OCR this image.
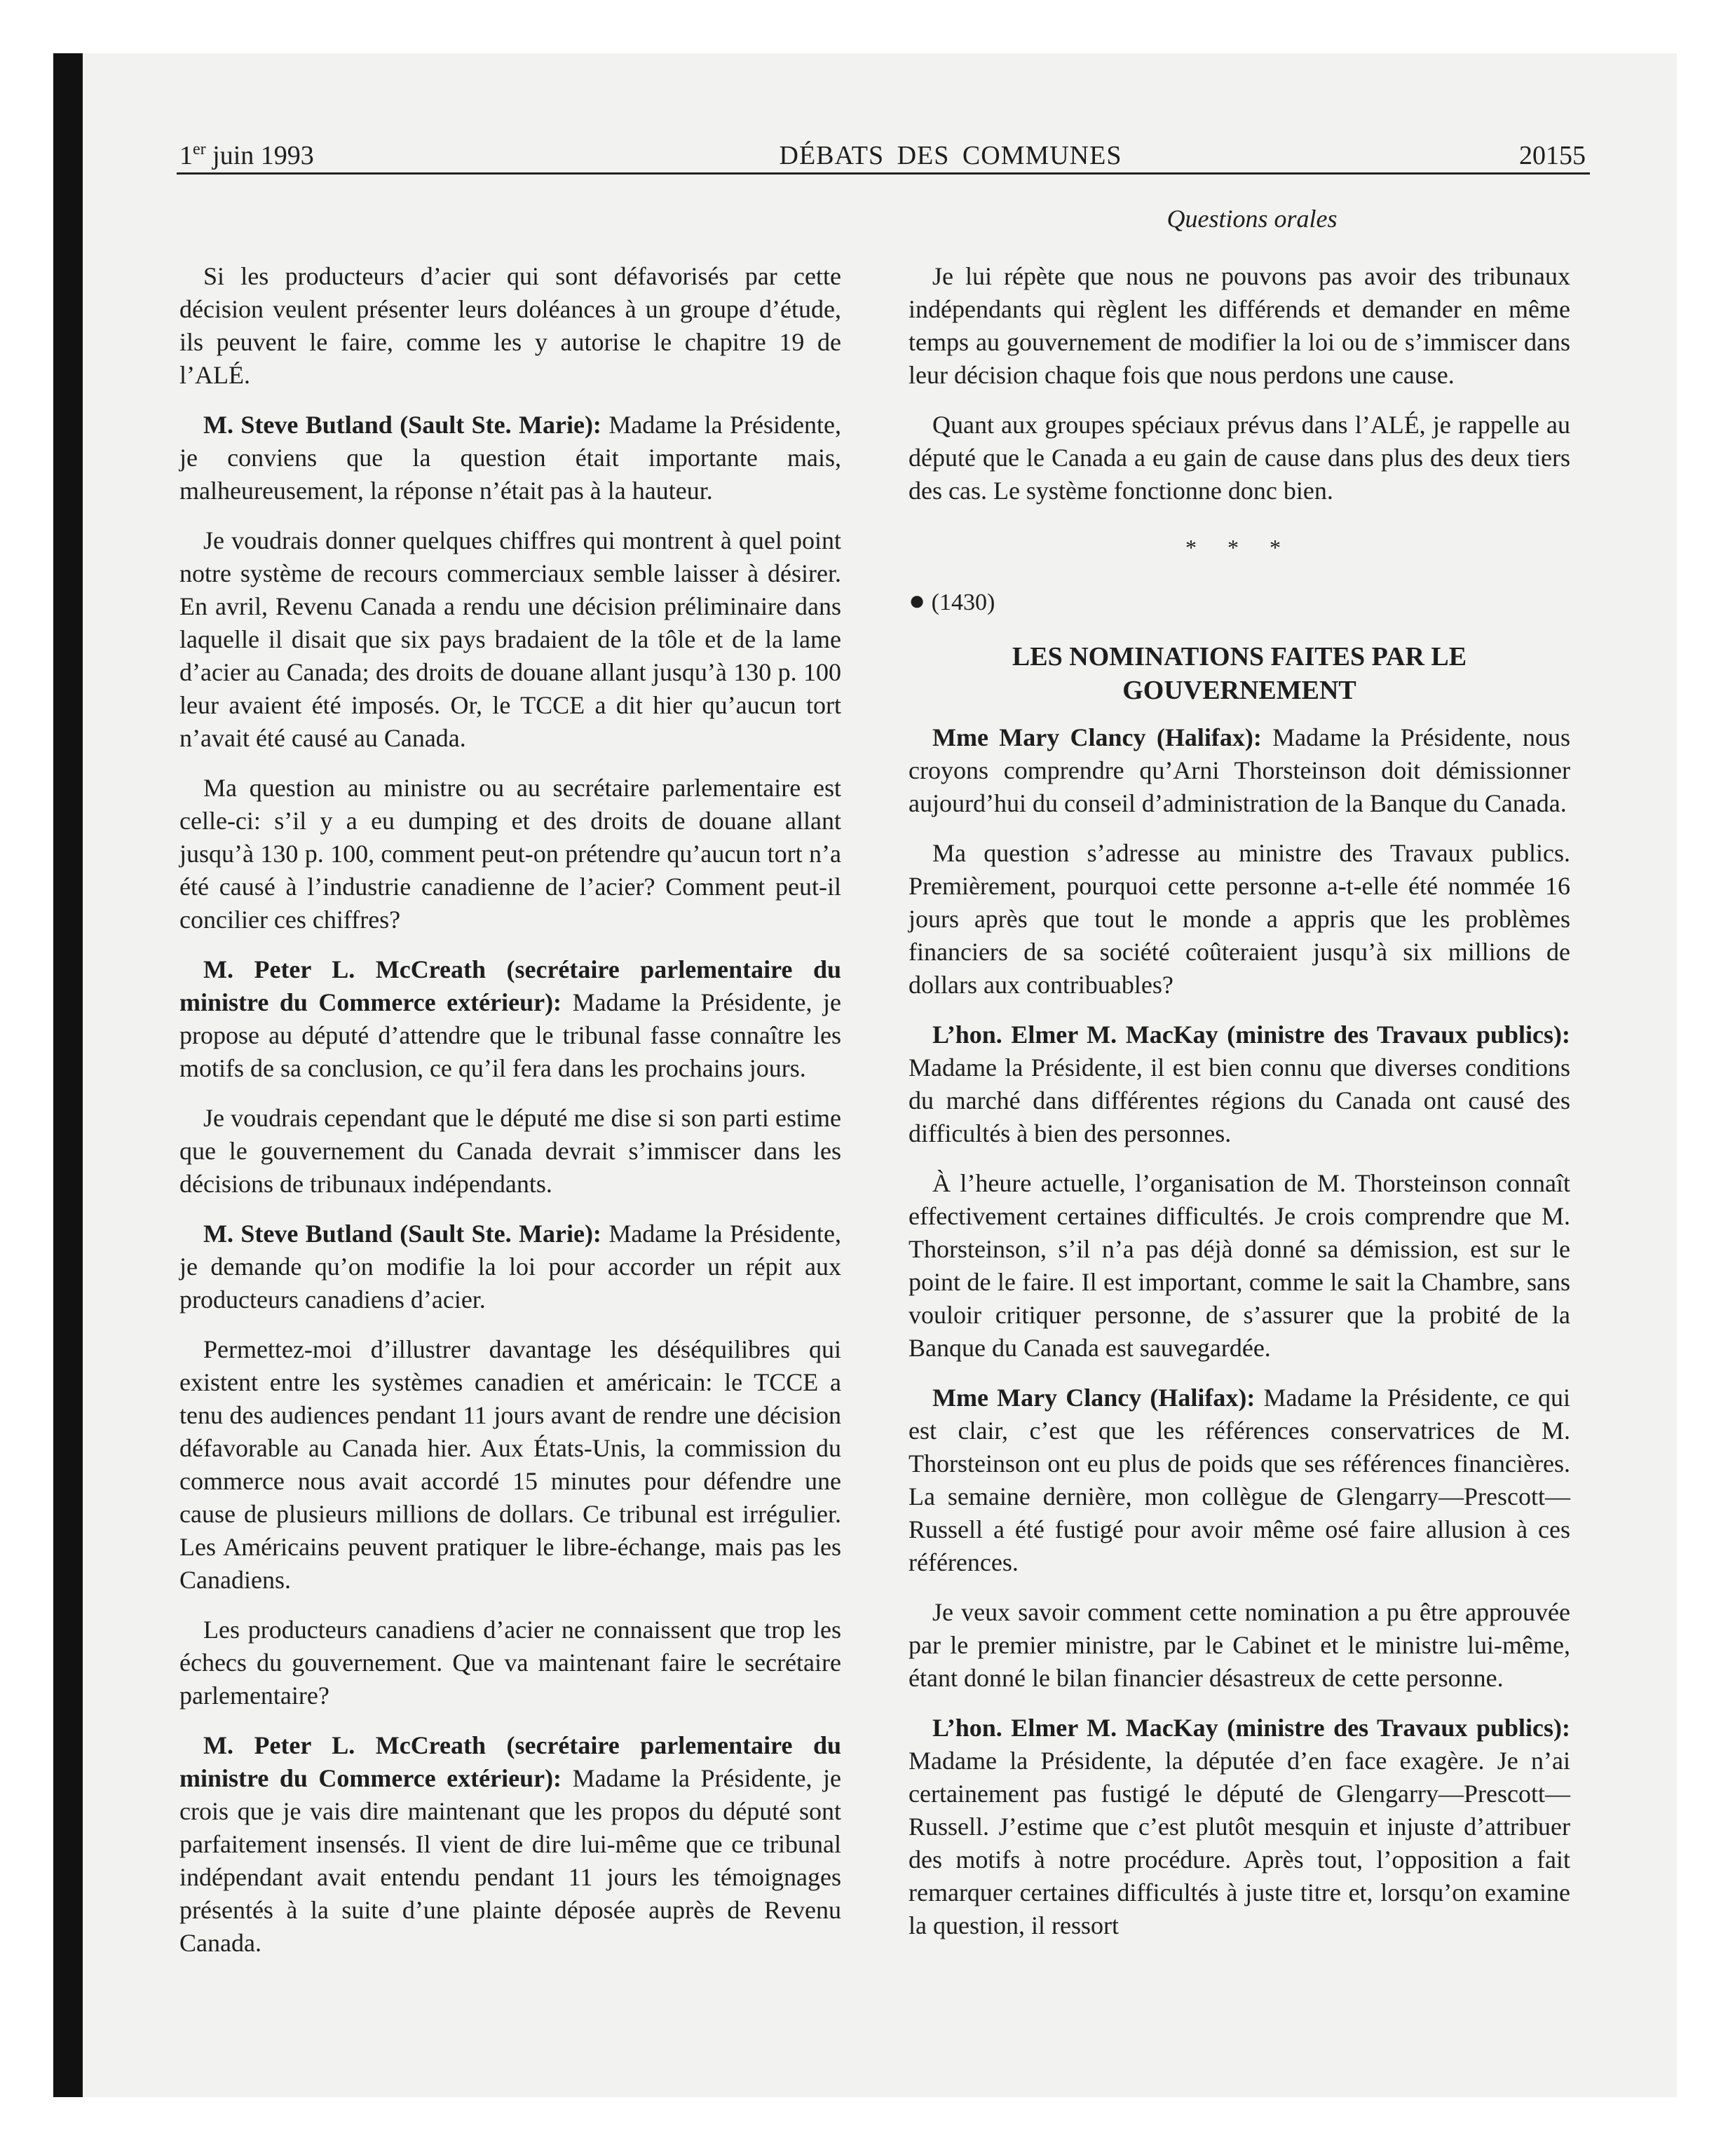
1er juin 1993	DÉBATS DES COMMUNES	20155
Questions orales

Si les producteurs d’acier qui sont défavorisés par cette décision veulent présenter leurs doléances à un groupe d’étude, ils peuvent le faire, comme les y autorise le chapitre 19 de l’ALÉ.

M. Steve Butland (Sault Ste. Marie): Madame la Présidente, je conviens que la question était importante mais, malheureusement, la réponse n’était pas à la hauteur.

Je voudrais donner quelques chiffres qui montrent à quel point notre système de recours commerciaux semble laisser à désirer. En avril, Revenu Canada a rendu une décision préliminaire dans laquelle il disait que six pays bradaient de la tôle et de la lame d’acier au Canada; des droits de douane allant jusqu’à 130 p. 100 leur avaient été imposés. Or, le TCCE a dit hier qu’aucun tort n’avait été causé au Canada.

Ma question au ministre ou au secrétaire parlementaire est celle-ci: s’il y a eu dumping et des droits de douane allant jusqu’à 130 p. 100, comment peut-on prétendre qu’aucun tort n’a été causé à l’industrie canadienne de l’acier? Comment peut-il concilier ces chiffres?

M. Peter L. McCreath (secrétaire parlementaire du ministre du Commerce extérieur): Madame la Présidente, je propose au député d’attendre que le tribunal fasse connaître les motifs de sa conclusion, ce qu’il fera dans les prochains jours.

Je voudrais cependant que le député me dise si son parti estime que le gouvernement du Canada devrait s’immiscer dans les décisions de tribunaux indépendants.

M. Steve Butland (Sault Ste. Marie): Madame la Présidente, je demande qu’on modifie la loi pour accorder un répit aux producteurs canadiens d’acier.

Permettez-moi d’illustrer davantage les déséquilibres qui existent entre les systèmes canadien et américain: le TCCE a tenu des audiences pendant 11 jours avant de rendre une décision défavorable au Canada hier. Aux États-Unis, la commission du commerce nous avait accordé 15 minutes pour défendre une cause de plusieurs millions de dollars. Ce tribunal est irrégulier. Les Américains peuvent pratiquer le libre-échange, mais pas les Canadiens.

Les producteurs canadiens d’acier ne connaissent que trop les échecs du gouvernement. Que va maintenant faire le secrétaire parlementaire?

M. Peter L. McCreath (secrétaire parlementaire du ministre du Commerce extérieur): Madame la Présidente, je crois que je vais dire maintenant que les propos du député sont parfaitement insensés. Il vient de dire lui-même que ce tribunal indépendant avait entendu pendant 11 jours les témoignages présentés à la suite d’une plainte déposée auprès de Revenu Canada.

Je lui répète que nous ne pouvons pas avoir des tribunaux indépendants qui règlent les différends et demander en même temps au gouvernement de modifier la loi ou de s’immiscer dans leur décision chaque fois que nous perdons une cause.

Quant aux groupes spéciaux prévus dans l’ALÉ, je rappelle au député que le Canada a eu gain de cause dans plus des deux tiers des cas. Le système fonctionne donc bien.

* * *
● (1430)
LES NOMINATIONS FAITES PAR LE GOUVERNEMENT

Mme Mary Clancy (Halifax): Madame la Présidente, nous croyons comprendre qu’Arni Thorsteinson doit démissionner aujourd’hui du conseil d’administration de la Banque du Canada.

Ma question s’adresse au ministre des Travaux publics. Premièrement, pourquoi cette personne a-t-elle été nommée 16 jours après que tout le monde a appris que les problèmes financiers de sa société coûteraient jusqu’à six millions de dollars aux contribuables?

L’hon. Elmer M. MacKay (ministre des Travaux publics): Madame la Présidente, il est bien connu que diverses conditions du marché dans différentes régions du Canada ont causé des difficultés à bien des personnes.

À l’heure actuelle, l’organisation de M. Thorsteinson connaît effectivement certaines difficultés. Je crois comprendre que M. Thorsteinson, s’il n’a pas déjà donné sa démission, est sur le point de le faire. Il est important, comme le sait la Chambre, sans vouloir critiquer personne, de s’assurer que la probité de la Banque du Canada est sauvegardée.

Mme Mary Clancy (Halifax): Madame la Présidente, ce qui est clair, c’est que les références conservatrices de M. Thorsteinson ont eu plus de poids que ses références financières. La semaine dernière, mon collègue de Glengarry—Prescott—Russell a été fustigé pour avoir même osé faire allusion à ces références.

Je veux savoir comment cette nomination a pu être approuvée par le premier ministre, par le Cabinet et le ministre lui-même, étant donné le bilan financier désastreux de cette personne.

L’hon. Elmer M. MacKay (ministre des Travaux publics): Madame la Présidente, la députée d’en face exagère. Je n’ai certainement pas fustigé le député de Glengarry—Prescott—Russell. J’estime que c’est plutôt mesquin et injuste d’attribuer des motifs à notre procédure. Après tout, l’opposition a fait remarquer certaines difficultés à juste titre et, lorsqu’on examine la question, il ressort
